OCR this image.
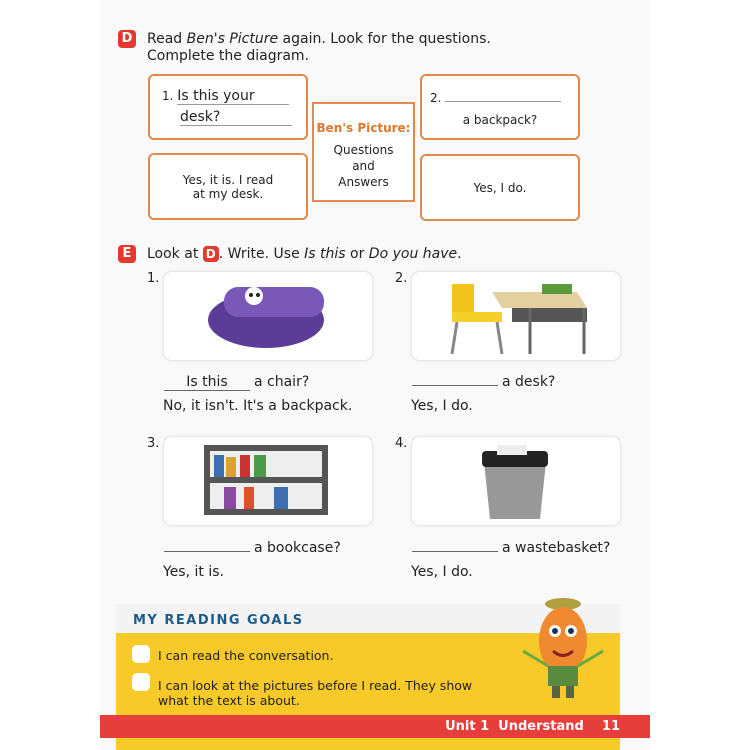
D Read Ben's Picture again. Look for the questions.
Complete the diagram.
1. Is this your
desk?
2.
a backpack?
Yes, it is. I read at my desk.	Yes, I do.
Ben's Picture:
Questions
and
Answers
E	Look at D . Write. Use Is this or Do you have.
1.
Is this a chair?
No, it isn't. It's a backpack.
2.
a desk?
Yes, I do.
3.
a bookcase?
Yes, it is.
4.
a wastebasket?
Yes, I do.
MY READING GOALS
I can read the conversation.
I can look at the pictures before I read. They show what the text is about.
Unit 1  Understand 11
